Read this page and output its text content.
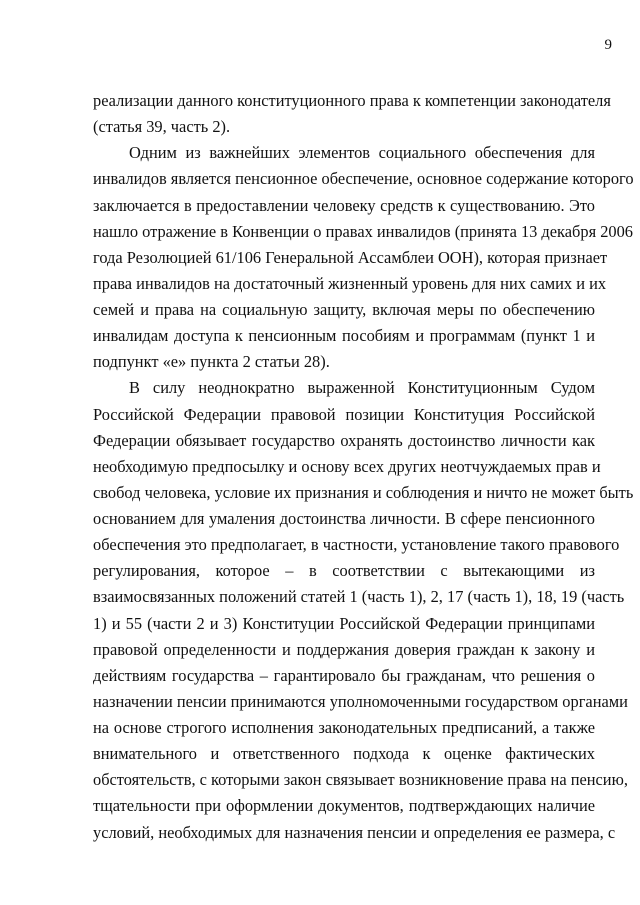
9
реализации данного конституционного права к компетенции законодателя
(статья 39, часть 2).
Одним из важнейших элементов социального обеспечения для
инвалидов является пенсионное обеспечение, основное содержание которого
заключается в предоставлении человеку средств к существованию. Это
нашло отражение в Конвенции о правах инвалидов (принята 13 декабря 2006
года Резолюцией 61/106 Генеральной Ассамблеи ООН), которая признает
права инвалидов на достаточный жизненный уровень для них самих и их
семей и права на социальную защиту, включая меры по обеспечению
инвалидам доступа к пенсионным пособиям и программам (пункт 1 и
подпункт «е» пункта 2 статьи 28).
В силу неоднократно выраженной Конституционным Судом
Российской Федерации правовой позиции Конституция Российской
Федерации обязывает государство охранять достоинство личности как
необходимую предпосылку и основу всех других неотчуждаемых прав и
свобод человека, условие их признания и соблюдения и ничто не может быть
основанием для умаления достоинства личности. В сфере пенсионного
обеспечения это предполагает, в частности, установление такого правового
регулирования, которое – в соответствии с вытекающими из
взаимосвязанных положений статей 1 (часть 1), 2, 17 (часть 1), 18, 19 (часть
1) и 55 (части 2 и 3) Конституции Российской Федерации принципами
правовой определенности и поддержания доверия граждан к закону и
действиям государства – гарантировало бы гражданам, что решения о
назначении пенсии принимаются уполномоченными государством органами
на основе строгого исполнения законодательных предписаний, а также
внимательного и ответственного подхода к оценке фактических
обстоятельств, с которыми закон связывает возникновение права на пенсию,
тщательности при оформлении документов, подтверждающих наличие
условий, необходимых для назначения пенсии и определения ее размера, с
